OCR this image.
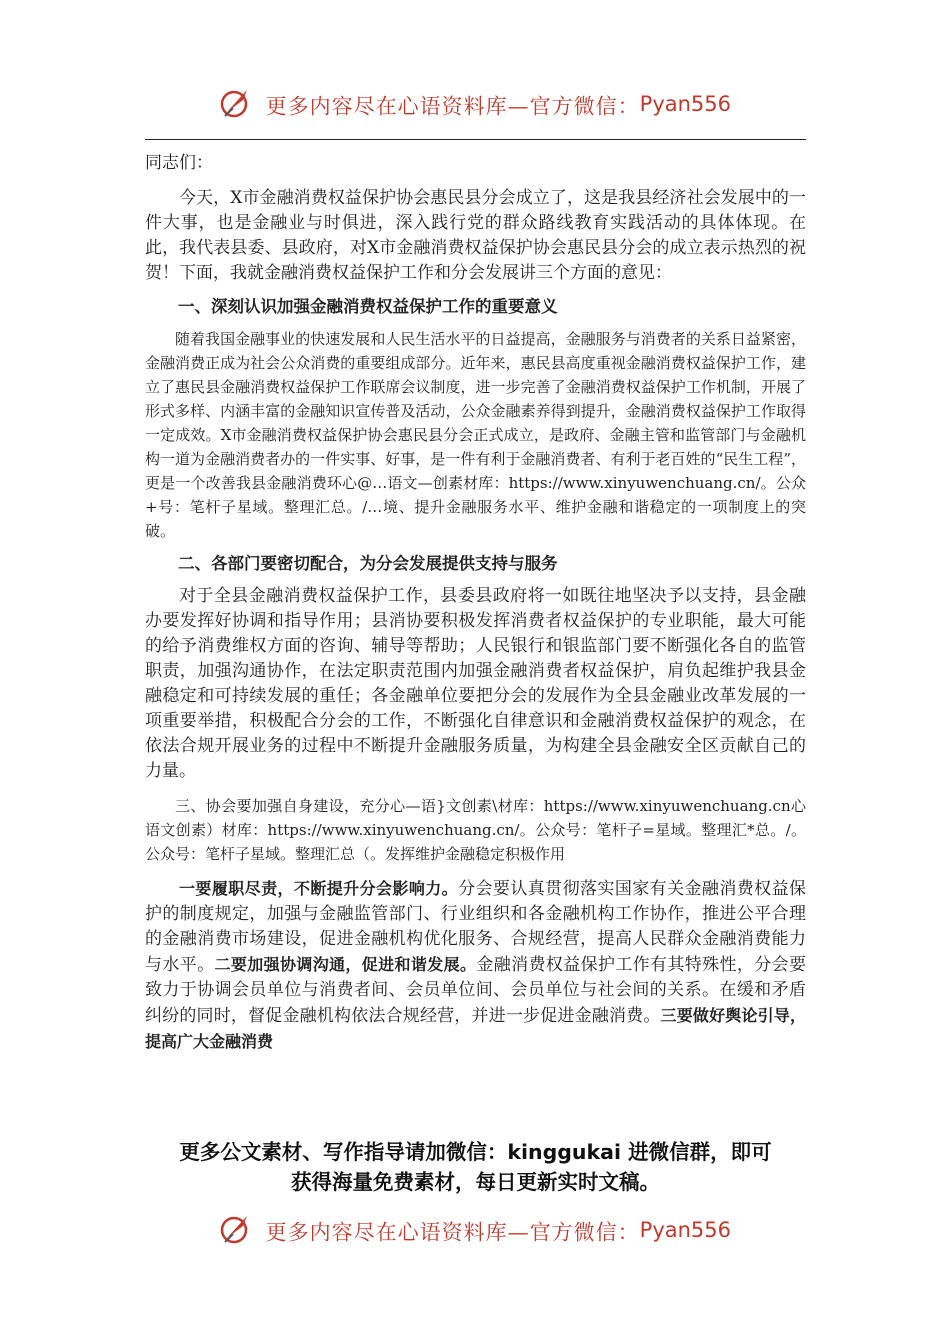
更多内容尽在心语资料库—官方微信：Pyan556

同志们：

今天，X市金融消费权益保护协会惠民县分会成立了，这是我县经济社会发展中的一件大事，也是金融业与时俱进，深入践行党的群众路线教育实践活动的具体体现。在此，我代表县委、县政府，对X市金融消费权益保护协会惠民县分会的成立表示热烈的祝贺！下面，我就金融消费权益保护工作和分会发展讲三个方面的意见：

一、深刻认识加强金融消费权益保护工作的重要意义

随着我国金融事业的快速发展和人民生活水平的日益提高，金融服务与消费者的关系日益紧密，金融消费正成为社会公众消费的重要组成部分。近年来，惠民县高度重视金融消费权益保护工作，建立了惠民县金融消费权益保护工作联席会议制度，进一步完善了金融消费权益保护工作机制，开展了形式多样、内涵丰富的金融知识宣传普及活动，公众金融素养得到提升，金融消费权益保护工作取得一定成效。X市金融消费权益保护协会惠民县分会正式成立，是政府、金融主管和监管部门与金融机构一道为金融消费者办的一件实事、好事，是一件有利于金融消费者、有利于老百姓的“民生工程”，更是一个改善我县金融消费环心@…语文—创素材库：https://www.xinyuwenchuang.cn/。公众+号：笔杆子星域。整理汇总。/…境、提升金融服务水平、维护金融和谐稳定的一项制度上的突破。

二、各部门要密切配合，为分会发展提供支持与服务

对于全县金融消费权益保护工作，县委县政府将一如既往地坚决予以支持，县金融办要发挥好协调和指导作用；县消协要积极发挥消费者权益保护的专业职能，最大可能的给予消费维权方面的咨询、辅导等帮助；人民银行和银监部门要不断强化各自的监管职责，加强沟通协作，在法定职责范围内加强金融消费者权益保护，肩负起维护我县金融稳定和可持续发展的重任；各金融单位要把分会的发展作为全县金融业改革发展的一项重要举措，积极配合分会的工作，不断强化自律意识和金融消费权益保护的观念，在依法合规开展业务的过程中不断提升金融服务质量，为构建全县金融安全区贡献自己的力量。

三、协会要加强自身建设，充分心—语}文创素\材库：https://www.xinyuwenchuang.cn心语文创素）材库：https://www.xinyuwenchuang.cn/。公众号：笔杆子=星域。整理汇*总。/。公众号：笔杆子星域。整理汇总（。发挥维护金融稳定积极作用

一要履职尽责，不断提升分会影响力。分会要认真贯彻落实国家有关金融消费权益保护的制度规定，加强与金融监管部门、行业组织和各金融机构工作协作，推进公平合理的金融消费市场建设，促进金融机构优化服务、合规经营，提高人民群众金融消费能力与水平。二要加强协调沟通，促进和谐发展。金融消费权益保护工作有其特殊性，分会要致力于协调会员单位与消费者间、会员单位间、会员单位与社会间的关系。在缓和矛盾纠纷的同时，督促金融机构依法合规经营，并进一步促进金融消费。三要做好舆论引导，提高广大金融消费

更多公文素材、写作指导请加微信：kinggukai 进微信群，即可
获得海量免费素材，每日更新实时文稿。
更多内容尽在心语资料库—官方微信：Pyan556
